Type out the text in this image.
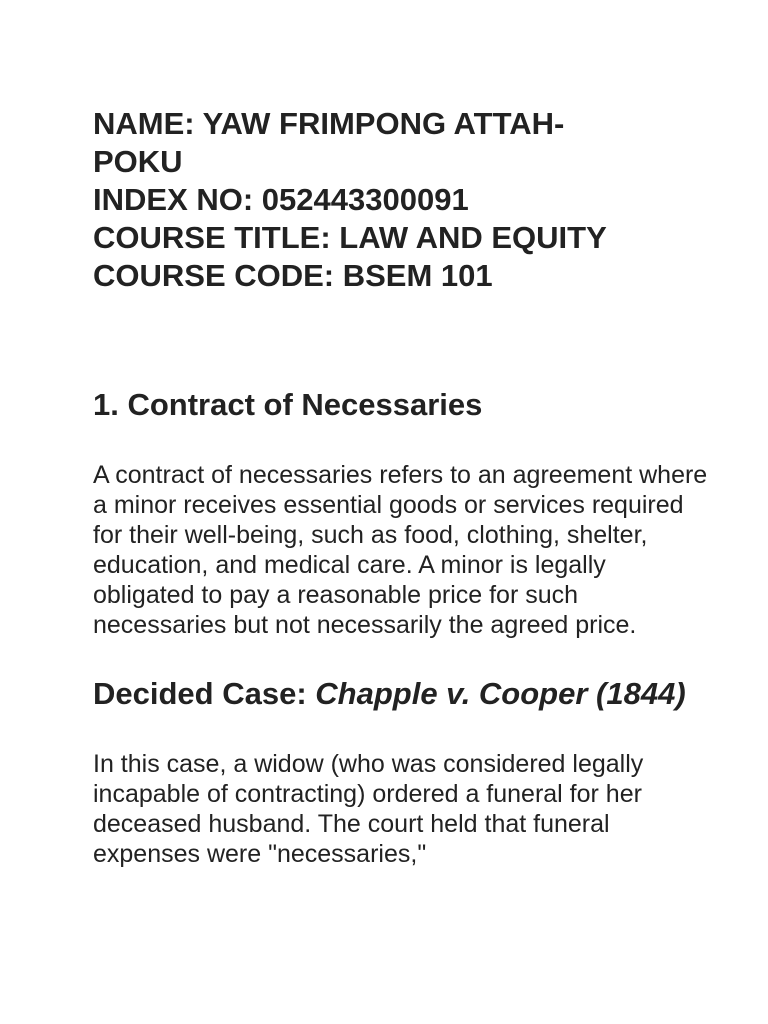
NAME: YAW FRIMPONG ATTAH-
POKU
INDEX NO: 052443300091
COURSE TITLE: LAW AND EQUITY
COURSE CODE: BSEM 101
1. Contract of Necessaries

A contract of necessaries refers to an agreement where a minor receives essential goods or services required for their well-being, such as food, clothing, shelter, education, and medical care. A minor is legally obligated to pay a reasonable price for such necessaries but not necessarily the agreed price.

Decided Case: Chapple v. Cooper (1844)

In this case, a widow (who was considered legally incapable of contracting) ordered a funeral for her deceased husband. The court held that funeral expenses were "necessaries,"
